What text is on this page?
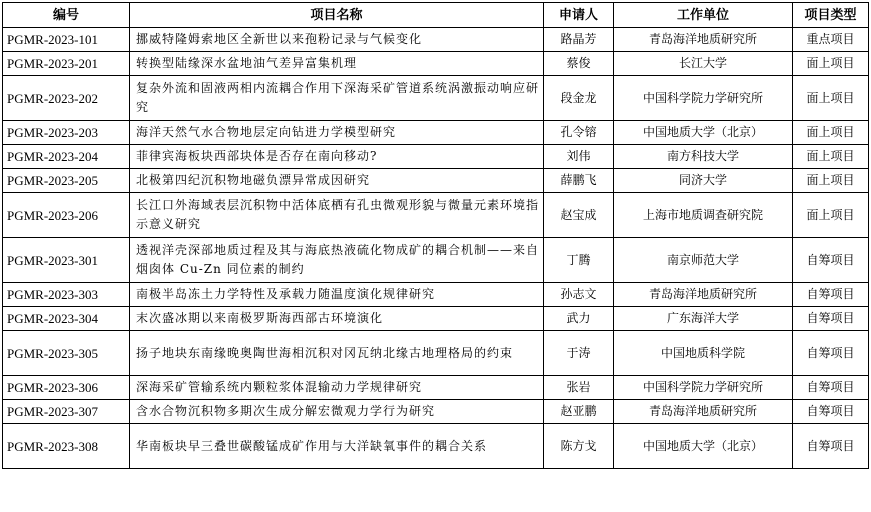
编号	项目名称	申请人	工作单位	项目类型
PGMR-2023-101	挪威特隆姆索地区全新世以来孢粉记录与气候变化	路晶芳	青岛海洋地质研究所	重点项目
PGMR-2023-201	转换型陆缘深水盆地油气差异富集机理	蔡俊	长江大学	面上项目
PGMR-2023-202	复杂外流和固液两相内流耦合作用下深海采矿管道系统涡激振动响应研究	段金龙	中国科学院力学研究所	面上项目
PGMR-2023-203	海洋天然气水合物地层定向钻进力学模型研究	孔令镕	中国地质大学（北京）	面上项目
PGMR-2023-204	菲律宾海板块西部块体是否存在南向移动?	刘伟	南方科技大学	面上项目
PGMR-2023-205	北极第四纪沉积物地磁负漂异常成因研究	薛鹏飞	同济大学	面上项目
PGMR-2023-206	长江口外海域表层沉积物中活体底栖有孔虫微观形貌与微量元素环境指示意义研究	赵宝成	上海市地质调查研究院	面上项目
PGMR-2023-301	透视洋壳深部地质过程及其与海底热液硫化物成矿的耦合机制——来自烟囱体 Cu-Zn 同位素的制约	丁腾	南京师范大学	自筹项目
PGMR-2023-303	南极半岛冻土力学特性及承载力随温度演化规律研究	孙志文	青岛海洋地质研究所	自筹项目
PGMR-2023-304	末次盛冰期以来南极罗斯海西部古环境演化	武力	广东海洋大学	自筹项目
PGMR-2023-305	扬子地块东南缘晚奥陶世海相沉积对冈瓦纳北缘古地理格局的约束	于涛	中国地质科学院	自筹项目
PGMR-2023-306	深海采矿管输系统内颗粒浆体混输动力学规律研究	张岩	中国科学院力学研究所	自筹项目
PGMR-2023-307	含水合物沉积物多期次生成分解宏微观力学行为研究	赵亚鹏	青岛海洋地质研究所	自筹项目
PGMR-2023-308	华南板块早三叠世碳酸锰成矿作用与大洋缺氧事件的耦合关系	陈方戈	中国地质大学（北京）	自筹项目
